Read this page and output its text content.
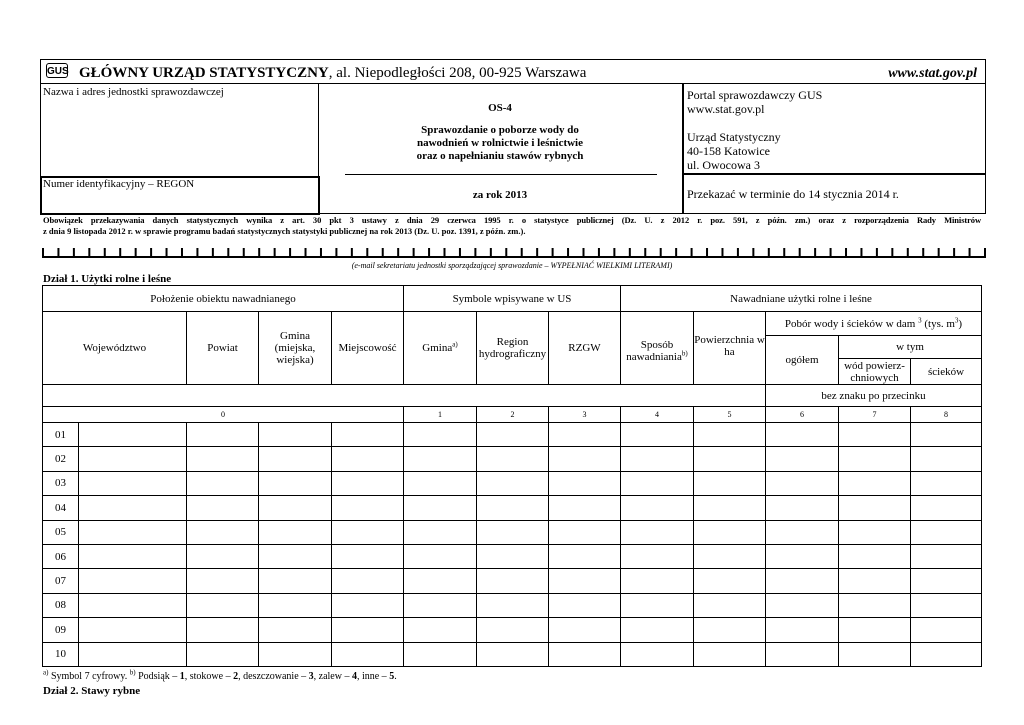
GUS GŁÓWNY URZĄD STATYSTYCZNY, al. Niepodległości 208, 00-925 Warszawa	www.stat.gov.pl
Nazwa i adres jednostki sprawozdawczej
Numer identyfikacyjny – REGON
OS-4
Sprawozdanie o poborze wody do
nawodnień w rolnictwie i leśnictwie
oraz o napełnianiu stawów rybnych
za rok 2013
Portal sprawozdawczy GUS
www.stat.gov.pl
Urząd Statystyczny
40-158 Katowice
ul. Owocowa 3
Przekazać w terminie do 14 stycznia 2014 r.
Obowiązek przekazywania danych statystycznych wynika z art. 30 pkt 3 ustawy z dnia 29 czerwca 1995 r. o statystyce publicznej (Dz. U. z 2012 r. poz. 591, z późn. zm.) oraz z rozporządzenia Rady Ministrów
z dnia 9 listopada 2012 r. w sprawie programu badań statystycznych statystyki publicznej na rok 2013 (Dz. U. poz. 1391, z późn. zm.).
(e-mail sekretariatu jednostki sporządzającej sprawozdanie – WYPEŁNIAĆ WIELKIMI LITERAMI)
Dział 1. Użytki rolne i leśne
Położenie obiektu nawadnianego					Symbole wpisywane w US			Nawadniane użytki rolne i leśne				
Województwo		Powiat	Gmina (miejska, wiejska)	Miejscowość	Gmina$^{a)}$	Region hydrograficzny	RZGW	Sposób nawadniania$^{b)}$	Powierzchnia w ha	Pobór wody i ścieków w dam $^3$ (tys. $m^3$)		
										ogółem	w tym	
											wód powierz-chniowych	ścieków
										bez znaku po przecinku		
0					1	2	3	4	5	6	7	8
01												
02												
03												
04												
05												
06												
07												
08												
09												
10												
$^{a)}$ Symbol 7 cyfrowy. $^{b)}$ Podsiąk – 1, stokowe – 2, deszczowanie – 3, zalew – 4, inne – 5.
Dział 2. Stawy rybne
